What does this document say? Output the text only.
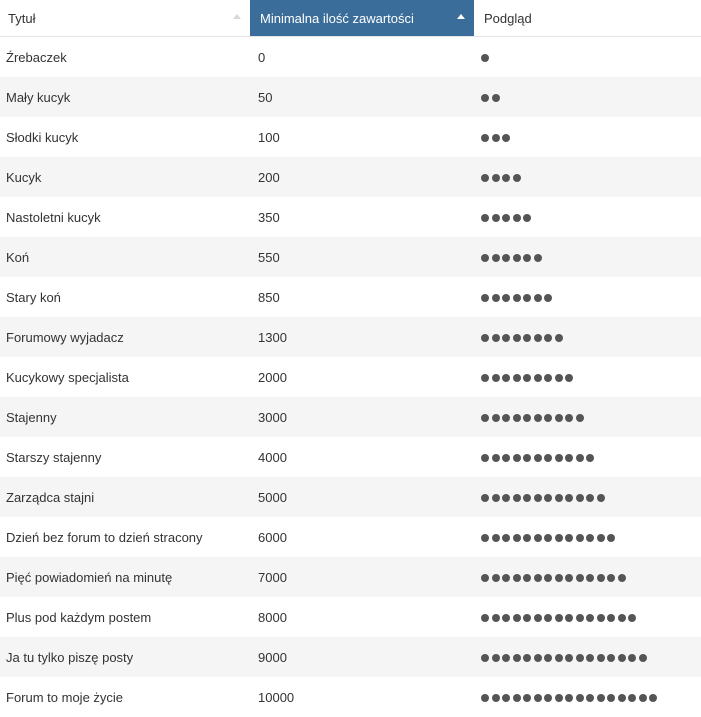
Tytuł	Minimalna ilość zawartości	Podgląd
Źrebaczek	0	
Mały kucyk	50	
Słodki kucyk	100	
Kucyk	200	
Nastoletni kucyk	350	
Koń	550	
Stary koń	850	
Forumowy wyjadacz	1300	
Kucykowy specjalista	2000	
Stajenny	3000	
Starszy stajenny	4000	
Zarządca stajni	5000	
Dzień bez forum to dzień stracony	6000	
Pięć powiadomień na minutę	7000	
Plus pod każdym postem	8000	
Ja tu tylko piszę posty	9000	
Forum to moje życie	10000	
